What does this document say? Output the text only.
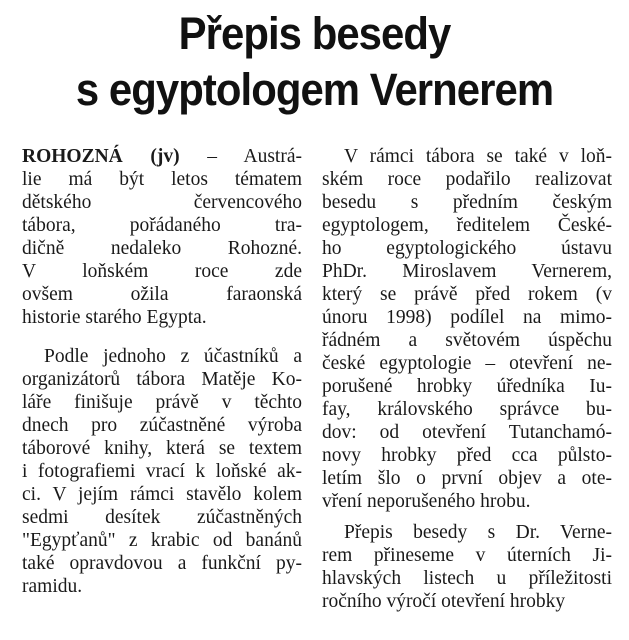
Přepis besedy
s egyptologem Vernerem

ROHOZNÁ (jv) – Austrá-
lie má být letos tématem
dětského červencového
tábora, pořádaného tra-
dičně nedaleko Rohozné.
V loňském roce zde
ovšem ožila faraonská
historie starého Egypta.

Podle jednoho z účastníků a
organizátorů tábora Matěje Ko-
láře finišuje právě v těchto
dnech pro zúčastněné výroba
táborové knihy, která se textem
i fotografiemi vrací k loňské ak-
ci. V jejím rámci stavělo kolem
sedmi desítek zúčastněných
"Egypťanů" z krabic od banánů
také opravdovou a funkční py-
ramidu.

V rámci tábora se také v loň-
ském roce podařilo realizovat
besedu s předním českým
egyptologem, ředitelem České-
ho egyptologického ústavu
PhDr. Miroslavem Vernerem,
který se právě před rokem (v
únoru 1998) podílel na mimo-
řádném a světovém úspěchu
české egyptologie – otevření ne-
porušené hrobky úředníka Iu-
fay, královského správce bu-
dov: od otevření Tutanchamó-
novy hrobky před cca půlsto-
letím šlo o první objev a ote-
vření neporušeného hrobu.

Přepis besedy s Dr. Verne-
rem přineseme v úterních Ji-
hlavských listech u příležitosti
ročního výročí otevření hrobky
